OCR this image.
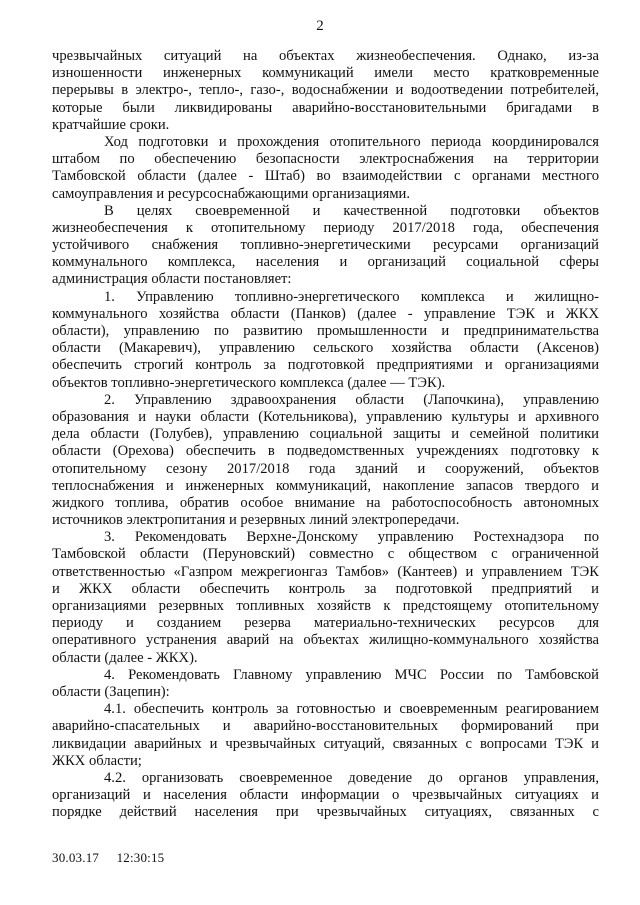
2
чрезвычайных ситуаций на объектах жизнеобеспечения. Однако, из-за
изношенности инженерных коммуникаций имели место кратковременные
перерывы в электро-, тепло-, газо-, водоснабжении и водоотведении потребителей,
которые были ликвидированы аварийно-восстановительными бригадами в
кратчайшие сроки.
Ход подготовки и прохождения отопительного периода координировался
штабом по обеспечению безопасности электроснабжения на территории
Тамбовской области (далее - Штаб) во взаимодействии с органами местного
самоуправления и ресурсоснабжающими организациями.
В целях своевременной и качественной подготовки объектов
жизнеобеспечения к отопительному периоду 2017/2018 года, обеспечения
устойчивого снабжения топливно-энергетическими ресурсами организаций
коммунального комплекса, населения и организаций социальной сферы
администрация области постановляет:
1. Управлению топливно-энергетического комплекса и жилищно-
коммунального хозяйства области (Панков) (далее - управление ТЭК и ЖКХ
области), управлению по развитию промышленности и предпринимательства
области (Макаревич), управлению сельского хозяйства области (Аксенов)
обеспечить строгий контроль за подготовкой предприятиями и организациями
объектов топливно-энергетического комплекса (далее — ТЭК).
2. Управлению здравоохранения области (Лапочкина), управлению
образования и науки области (Котельникова), управлению культуры и архивного
дела области (Голубев), управлению социальной защиты и семейной политики
области (Орехова) обеспечить в подведомственных учреждениях подготовку к
отопительному сезону 2017/2018 года зданий и сооружений, объектов
теплоснабжения и инженерных коммуникаций, накопление запасов твердого и
жидкого топлива, обратив особое внимание на работоспособность автономных
источников электропитания и резервных линий электропередачи.
3. Рекомендовать Верхне-Донскому управлению Ростехнадзора по
Тамбовской области (Перуновский) совместно с обществом с ограниченной
ответственностью «Газпром межрегионгаз Тамбов» (Кантеев) и управлением ТЭК
и ЖКХ области обеспечить контроль за подготовкой предприятий и
организациями резервных топливных хозяйств к предстоящему отопительному
периоду и созданием резерва материально-технических ресурсов для
оперативного устранения аварий на объектах жилищно-коммунального хозяйства
области (далее - ЖКХ).
4. Рекомендовать Главному управлению МЧС России по Тамбовской
области (Зацепин):
4.1. обеспечить контроль за готовностью и своевременным реагированием
аварийно-спасательных и аварийно-восстановительных формирований при
ликвидации аварийных и чрезвычайных ситуаций, связанных с вопросами ТЭК и
ЖКХ области;
4.2. организовать своевременное доведение до органов управления,
организаций и населения области информации о чрезвычайных ситуациях и
порядке действий населения при чрезвычайных ситуациях, связанных с
30.03.17 12:30:15
